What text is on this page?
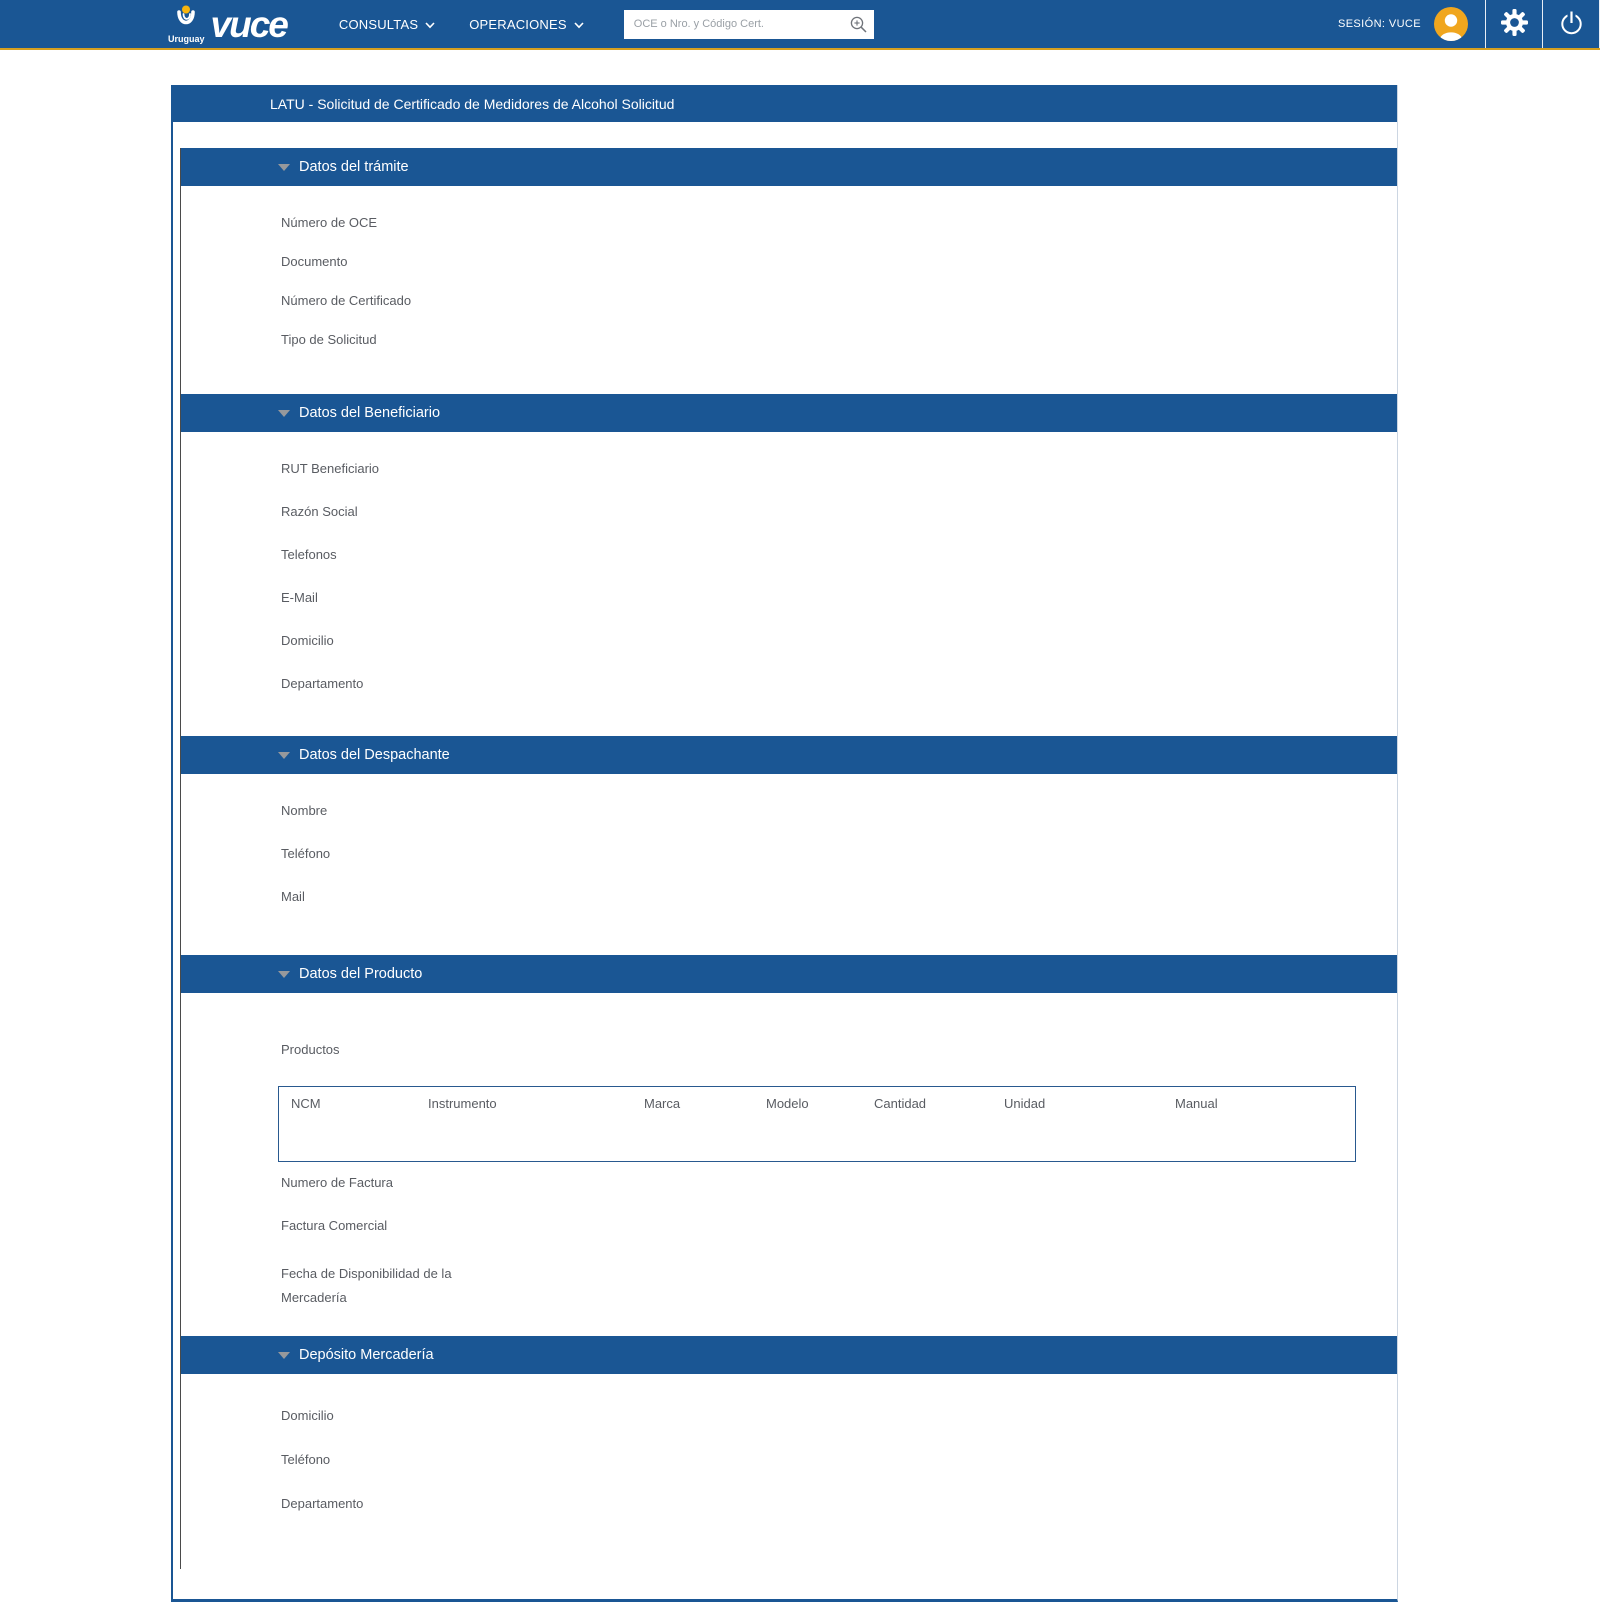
Uruguay vuce	CONSULTAS	OPERACIONES
OCE o Nro. y Código Cert.	SESIÓN: VUCE
LATU - Solicitud de Certificado de Medidores de Alcohol Solicitud
Datos del trámite
Número de OCE
Documento
Número de Certificado
Tipo de Solicitud
Datos del Beneficiario
RUT Beneficiario
Razón Social
Telefonos
E-Mail
Domicilio
Departamento
Datos del Despachante
Nombre
Teléfono
Mail
Datos del Producto
Productos
NCM	Instrumento	Marca	Modelo	Cantidad	Unidad	Manual
Numero de Factura
Factura Comercial
Fecha de Disponibilidad de la Mercadería
Depósito Mercadería
Domicilio
Teléfono
Departamento
